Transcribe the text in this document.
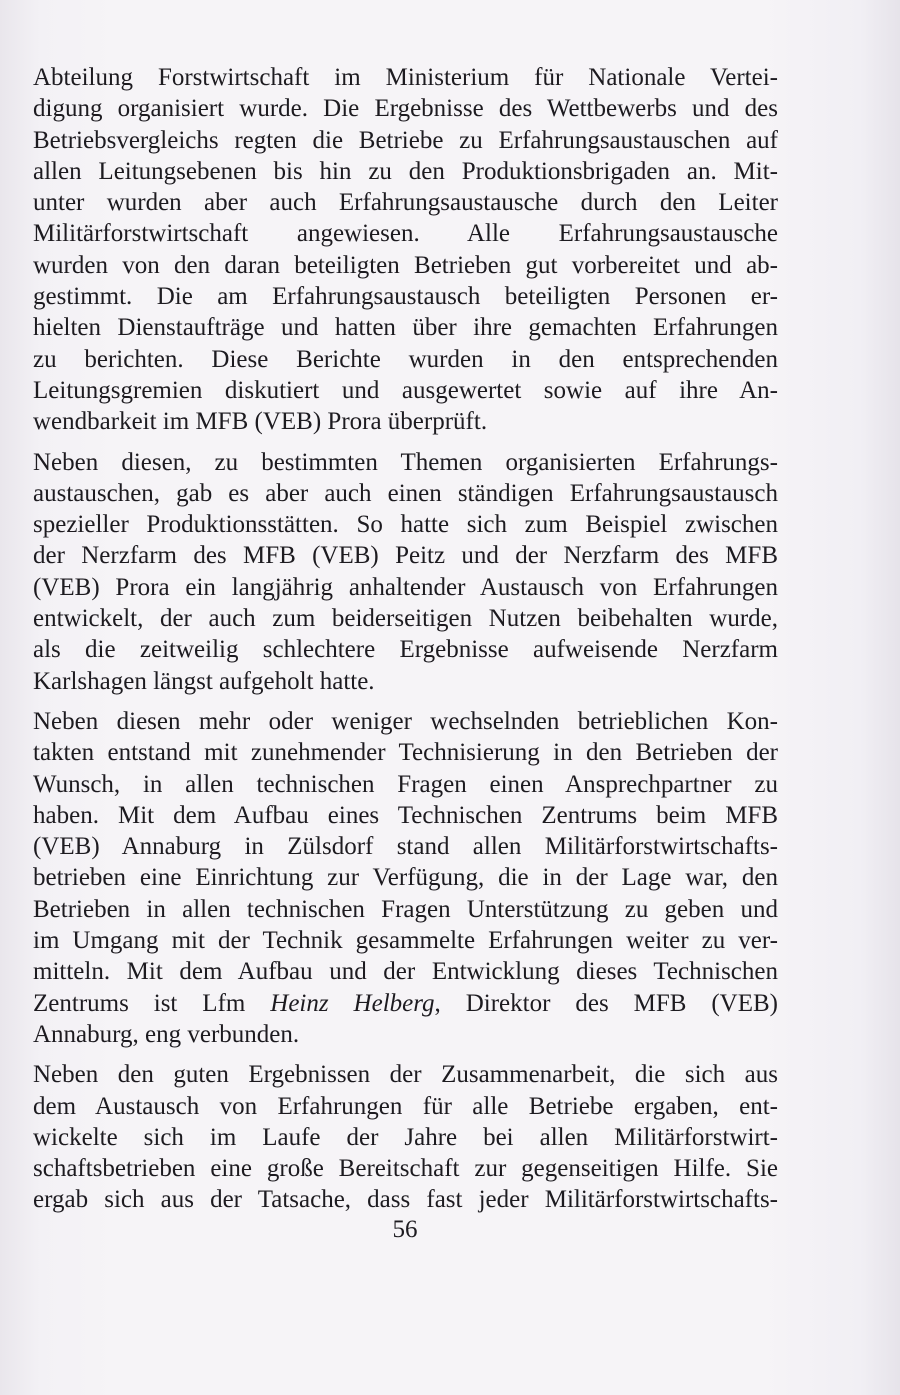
Abteilung Forstwirtschaft im Ministerium für Nationale Vertei-
digung organisiert wurde. Die Ergebnisse des Wettbewerbs und des
Betriebsvergleichs regten die Betriebe zu Erfahrungsaustauschen auf
allen Leitungsebenen bis hin zu den Produktionsbrigaden an. Mit-
unter wurden aber auch Erfahrungsaustausche durch den Leiter
Militärforstwirtschaft angewiesen. Alle Erfahrungsaustausche
wurden von den daran beteiligten Betrieben gut vorbereitet und ab-
gestimmt. Die am Erfahrungsaustausch beteiligten Personen er-
hielten Dienstaufträge und hatten über ihre gemachten Erfahrungen
zu berichten. Diese Berichte wurden in den entsprechenden
Leitungsgremien diskutiert und ausgewertet sowie auf ihre An-
wendbarkeit im MFB (VEB) Prora überprüft.
Neben diesen, zu bestimmten Themen organisierten Erfahrungs-
austauschen, gab es aber auch einen ständigen Erfahrungsaustausch
spezieller Produktionsstätten. So hatte sich zum Beispiel zwischen
der Nerzfarm des MFB (VEB) Peitz und der Nerzfarm des MFB
(VEB) Prora ein langjährig anhaltender Austausch von Erfahrungen
entwickelt, der auch zum beiderseitigen Nutzen beibehalten wurde,
als die zeitweilig schlechtere Ergebnisse aufweisende Nerzfarm
Karlshagen längst aufgeholt hatte.
Neben diesen mehr oder weniger wechselnden betrieblichen Kon-
takten entstand mit zunehmender Technisierung in den Betrieben der
Wunsch, in allen technischen Fragen einen Ansprechpartner zu
haben. Mit dem Aufbau eines Technischen Zentrums beim MFB
(VEB) Annaburg in Zülsdorf stand allen Militärforstwirtschafts-
betrieben eine Einrichtung zur Verfügung, die in der Lage war, den
Betrieben in allen technischen Fragen Unterstützung zu geben und
im Umgang mit der Technik gesammelte Erfahrungen weiter zu ver-
mitteln. Mit dem Aufbau und der Entwicklung dieses Technischen
Zentrums ist Lfm Heinz Helberg, Direktor des MFB (VEB)
Annaburg, eng verbunden.
Neben den guten Ergebnissen der Zusammenarbeit, die sich aus
dem Austausch von Erfahrungen für alle Betriebe ergaben, ent-
wickelte sich im Laufe der Jahre bei allen Militärforstwirt-
schaftsbetrieben eine große Bereitschaft zur gegenseitigen Hilfe. Sie
ergab sich aus der Tatsache, dass fast jeder Militärforstwirtschafts-
56
